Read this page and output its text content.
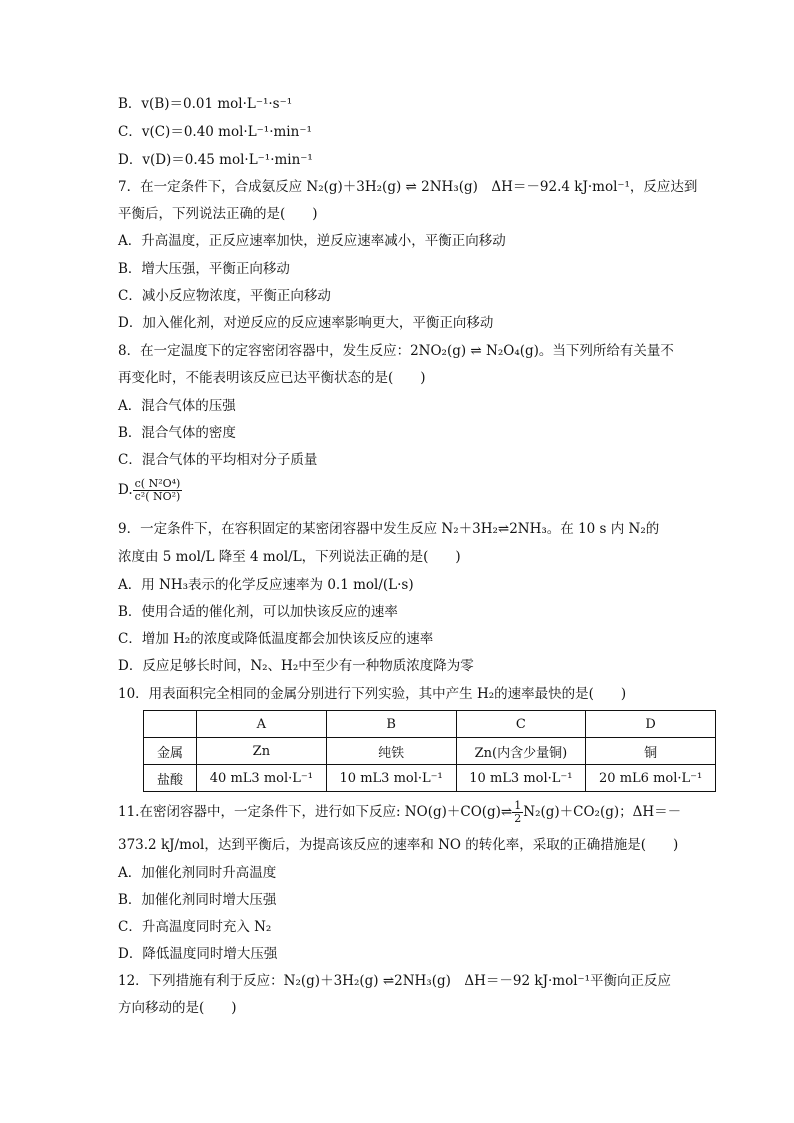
B．v(B)＝0.01 mol·L⁻¹·s⁻¹
C．v(C)＝0.40 mol·L⁻¹·min⁻¹
D．v(D)＝0.45 mol·L⁻¹·min⁻¹
7．在一定条件下，合成氨反应 N₂(g)＋3H₂(g) ⇌ 2NH₃(g)　ΔH＝－92.4 kJ·mol⁻¹，反应达到
平衡后，下列说法正确的是(　　)
A．升高温度，正反应速率加快，逆反应速率减小，平衡正向移动
B．增大压强，平衡正向移动
C．减小反应物浓度，平衡正向移动
D．加入催化剂，对逆反应的反应速率影响更大，平衡正向移动
8．在一定温度下的定容密闭容器中，发生反应：2NO₂(g) ⇌ N₂O₄(g)。当下列所给有关量不
再变化时，不能表明该反应已达平衡状态的是(　　)
A．混合气体的压强
B．混合气体的密度
C．混合气体的平均相对分子质量
D. $\frac{\text{c( N²O⁴)}}{\text{c²( NO²)}}$
9．一定条件下，在容积固定的某密闭容器中发生反应 N₂＋3H₂⇌2NH₃。在 10 s 内 N₂的
浓度由 5 mol/L 降至 4 mol/L，下列说法正确的是(　　)
A．用 NH₃表示的化学反应速率为 0.1 mol/(L·s)
B．使用合适的催化剂，可以加快该反应的速率
C．增加 H₂的浓度或降低温度都会加快该反应的速率
D．反应足够长时间，N₂、H₂中至少有一种物质浓度降为零
10．用表面积完全相同的金属分别进行下列实验，其中产生 H₂的速率最快的是(　　)
	A	B	C	D
金属	Zn	纯铁	Zn(内含少量铜)	铜
盐酸	40 mL3 mol·L⁻¹	10 mL3 mol·L⁻¹	10 mL3 mol·L⁻¹	20 mL6 mol·L⁻¹
11.在密闭容器中，一定条件下，进行如下反应: NO(g)＋CO(g)⇌ $\frac{1}{2} N_2(g)+CO_2(g)$；ΔH＝－
373.2 kJ/mol，达到平衡后，为提高该反应的速率和 NO 的转化率，采取的正确措施是(　　)
A．加催化剂同时升高温度
B．加催化剂同时增大压强
C．升高温度同时充入 N₂
D．降低温度同时增大压强
12．下列措施有利于反应：N₂(g)＋3H₂(g) ⇌2NH₃(g)　ΔH＝－92 kJ·mol⁻¹平衡向正反应
方向移动的是(　　)
